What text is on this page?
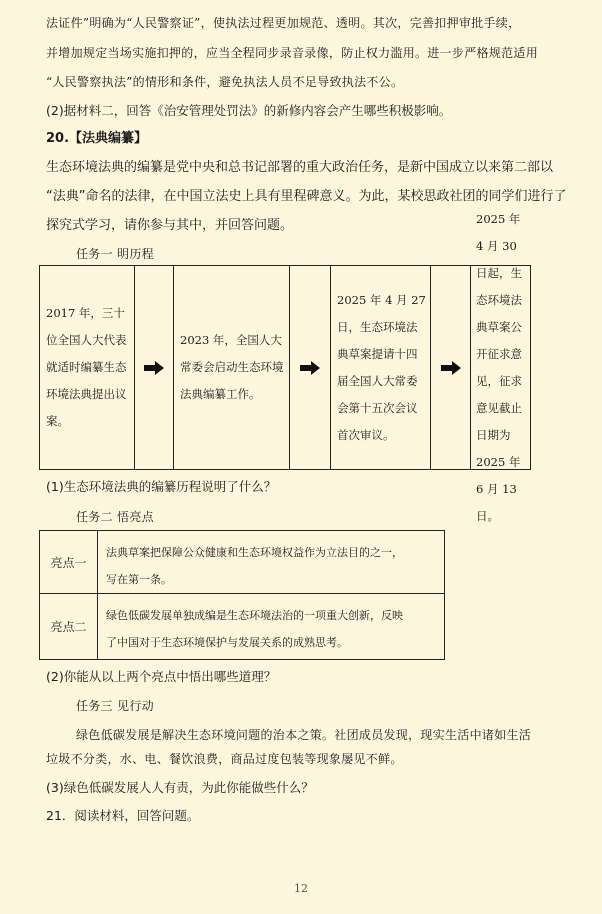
法证件”明确为“人民警察证”，使执法过程更加规范、透明。其次，完善扣押审批手续，
并增加规定当场实施扣押的，应当全程同步录音录像，防止权力滥用。进一步严格规范适用
“人民警察执法”的情形和条件，避免执法人员不足导致执法不公。
(2)据材料二，回答《治安管理处罚法》的新修内容会产生哪些积极影响。
20.【法典编纂】
生态环境法典的编纂是党中央和总书记部署的重大政治任务，是新中国成立以来第二部以
“法典”命名的法律，在中国立法史上具有里程碑意义。为此，某校思政社团的同学们进行了
探究式学习，请你参与其中，并回答问题。
任务一 明历程
2017 年，三十位全国人大代表就适时编纂生态环境法典提出议案。
2023 年，全国人大常委会启动生态环境法典编纂工作。
2025 年 4 月 27 日，生态环境法典草案提请十四届全国人大常委会第十五次会议首次审议。
2025 年 4 月 30 日起，生态环境法典草案公开征求意见，征求意见截止日期为 2025 年 6 月 13 日。
(1)生态环境法典的编纂历程说明了什么？
任务二 悟亮点
亮点一
法典草案把保障公众健康和生态环境权益作为立法目的之一，
写在第一条。
亮点二
绿色低碳发展单独成编是生态环境法治的一项重大创新，反映
了中国对于生态环境保护与发展关系的成熟思考。
(2)你能从以上两个亮点中悟出哪些道理？
任务三 见行动
绿色低碳发展是解决生态环境问题的治本之策。社团成员发现，现实生活中诸如生活
垃圾不分类，水、电、餐饮浪费，商品过度包装等现象屡见不鲜。
(3)绿色低碳发展人人有责，为此你能做些什么？
21．阅读材料，回答问题。
12
